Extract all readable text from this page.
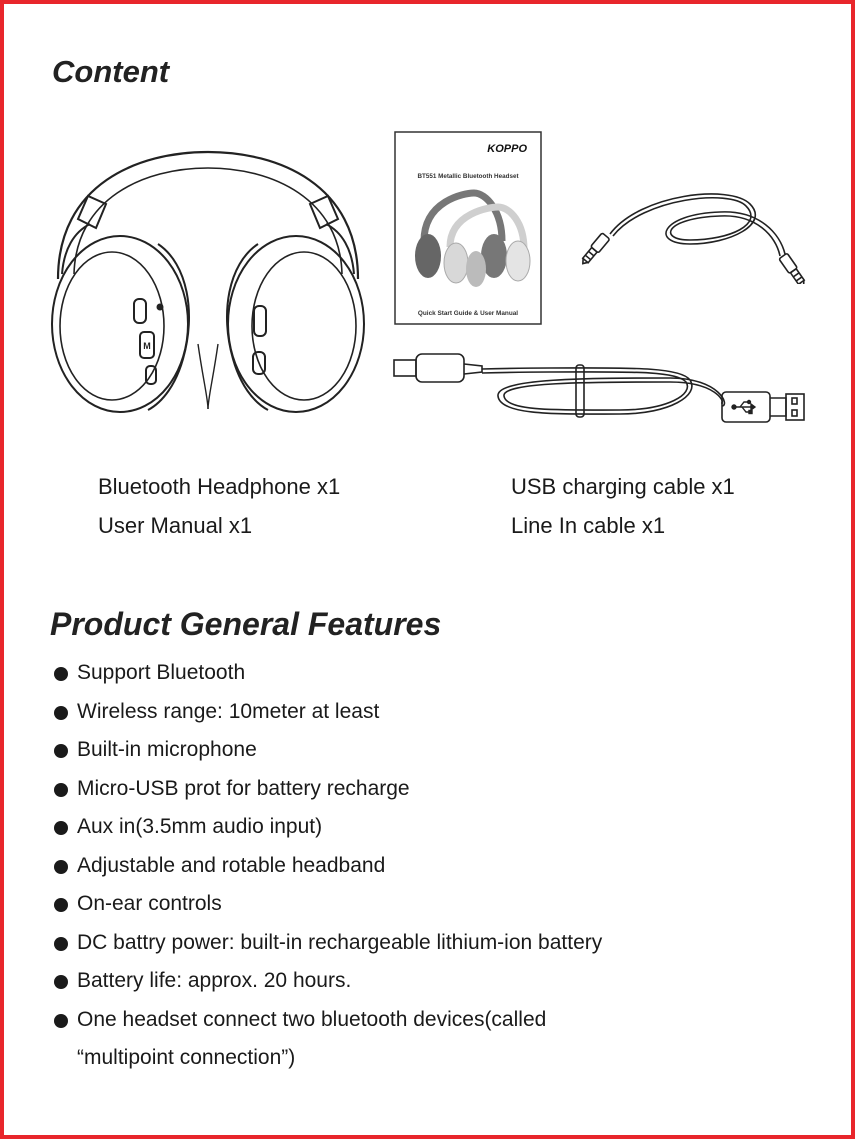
Content
M
KOPPO
BT551 Metallic Bluetooth Headset
Quick Start Guide & User Manual
Bluetooth Headphone x1	USB charging cable x1
User Manual x1	Line In cable x1
Product General Features
Support Bluetooth
Wireless range: 10meter at least
Built-in microphone
Micro-USB prot for battery recharge
Aux in(3.5mm audio input)
Adjustable and rotable headband
On-ear controls
DC battry power: built-in rechargeable lithium-ion battery
Battery life: approx. 20 hours.
One headset connect two bluetooth devices(called
“multipoint connection”)
